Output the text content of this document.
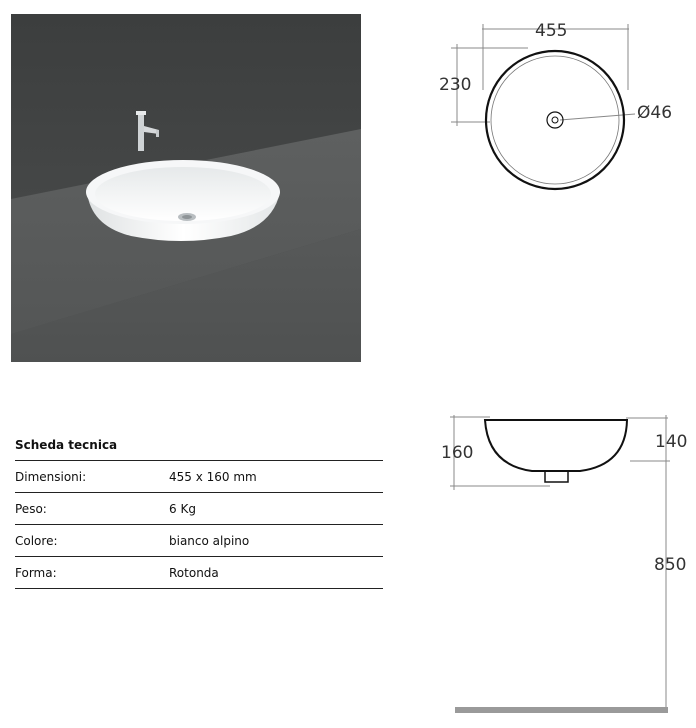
455
230
Ø46
160
140
850
Scheda tecnica
Dimensioni:	455 x 160 mm
Peso:	6 Kg
Colore:	bianco alpino
Forma:	Rotonda
